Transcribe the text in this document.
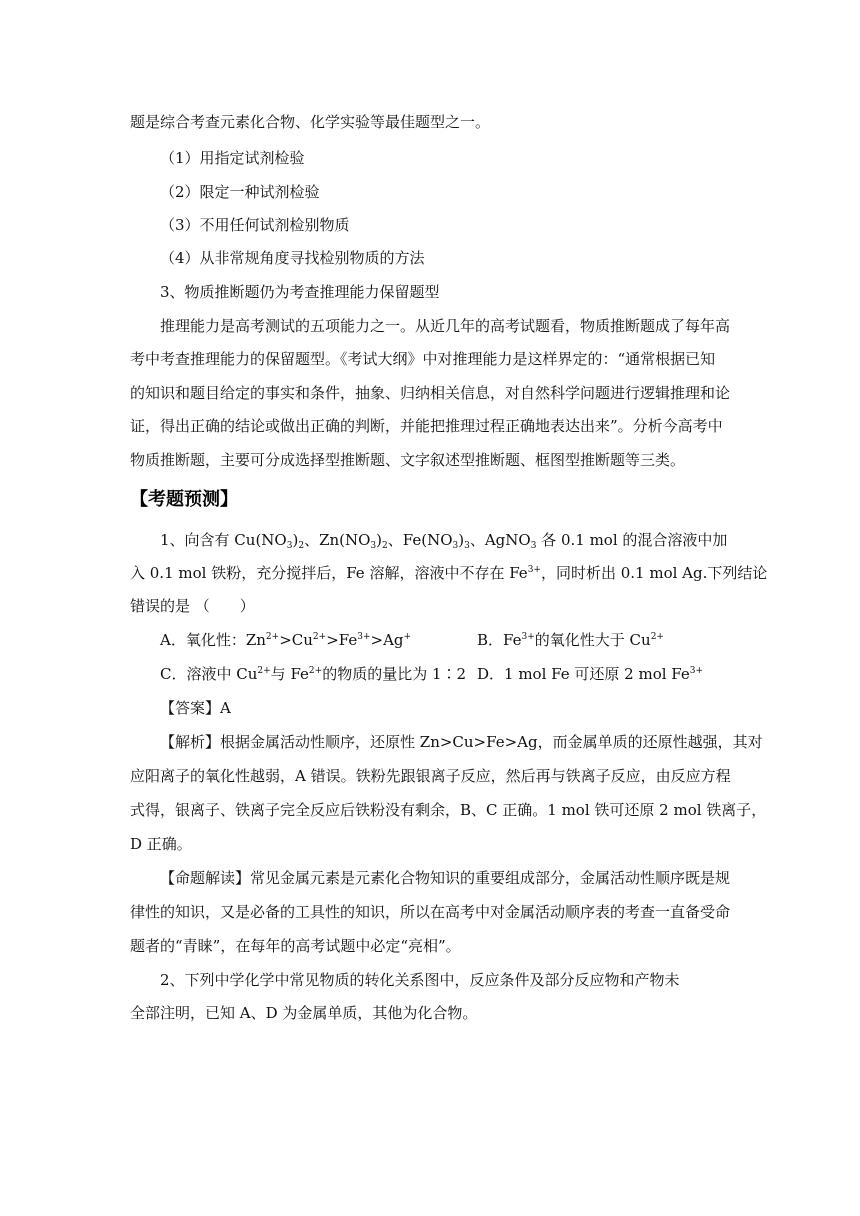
题是综合考查元素化合物、化学实验等最佳题型之一。
（1）用指定试剂检验
（2）限定一种试剂检验
（3）不用任何试剂检别物质
（4）从非常规角度寻找检别物质的方法
3、物质推断题仍为考查推理能力保留题型
推理能力是高考测试的五项能力之一。从近几年的高考试题看，物质推断题成了每年高
考中考查推理能力的保留题型。《考试大纲》中对推理能力是这样界定的：“通常根据已知
的知识和题目给定的事实和条件，抽象、归纳相关信息，对自然科学问题进行逻辑推理和论
证，得出正确的结论或做出正确的判断，并能把推理过程正确地表达出来”。分析今高考中
物质推断题，主要可分成选择型推断题、文字叙述型推断题、框图型推断题等三类。
【考题预测】
1、向含有 $Cu(NO_3)_2$、$Zn(NO_3)_2$、$Fe(NO_3)_3$、AgNO$_3$ 各 0.1 mol 的混合溶液中加
入 0.1 mol 铁粉，充分搅拌后，Fe 溶解，溶液中不存在 $Fe^{3+}$，同时析出 0.1 mol Ag.下列结论
错误的是 （　　）
A．氧化性：$Zn^{2+}>Cu^{2+}>Fe^{3+}>Ag^+$	B．$Fe^{3+}$的氧化性大于 $Cu^{2+}$
C．溶液中 $Cu^{2+}$与 $Fe^{2+}$的物质的量比为 1∶2 D．1 mol Fe 可还原 2 mol $Fe^{3+}$
【答案】A
【解析】根据金属活动性顺序，还原性 Zn>Cu>Fe>Ag，而金属单质的还原性越强，其对
应阳离子的氧化性越弱，A 错误。铁粉先跟银离子反应，然后再与铁离子反应，由反应方程
式得，银离子、铁离子完全反应后铁粉没有剩余，B、C 正确。1 mol 铁可还原 2 mol 铁离子，
D 正确。
【命题解读】常见金属元素是元素化合物知识的重要组成部分，金属活动性顺序既是规
律性的知识，又是必备的工具性的知识，所以在高考中对金属活动顺序表的考查一直备受命
题者的“青睐”，在每年的高考试题中必定“亮相”。
2、下列中学化学中常见物质的转化关系图中，反应条件及部分反应物和产物未
全部注明，已知 A、D 为金属单质，其他为化合物。
